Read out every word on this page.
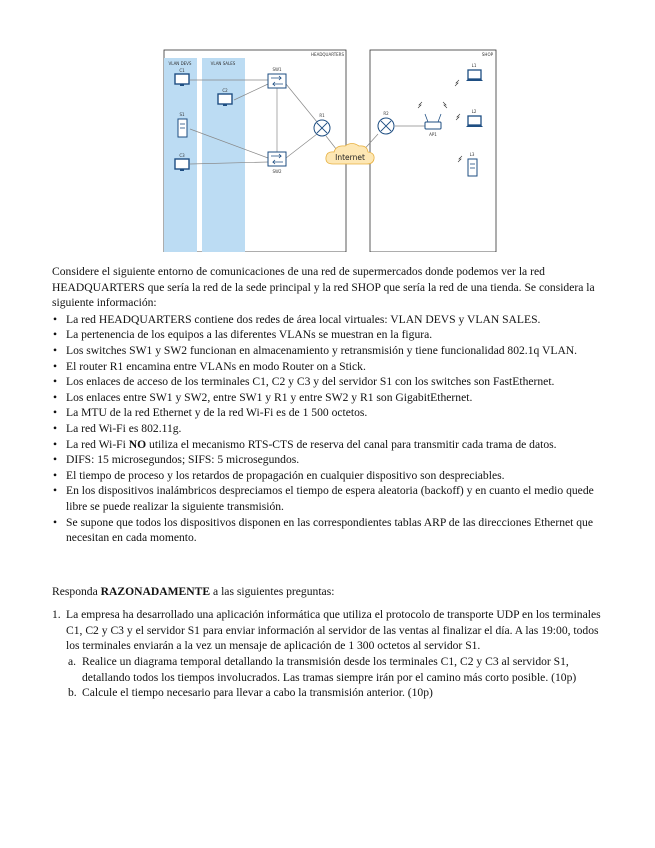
HEADQUARTERS	SHOP
VLAN DEVS	VLAN SALES
Internet
SW1
SW2
R1	R2
AP1
C1
C2
C3
S1
L1
L2
L3

Considere el siguiente entorno de comunicaciones de una red de supermercados donde podemos ver la red HEADQUARTERS que sería la red de la sede principal y la red SHOP que sería la red de una tienda. Se considera la siguiente información:

• La red HEADQUARTERS contiene dos redes de área local virtuales: VLAN DEVS y VLAN SALES.
• La pertenencia de los equipos a las diferentes VLANs se muestran en la figura.
• Los switches SW1 y SW2 funcionan en almacenamiento y retransmisión y tiene funcionalidad 802.1q VLAN.
• El router R1 encamina entre VLANs en modo Router on a Stick.
• Los enlaces de acceso de los terminales C1, C2 y C3 y del servidor S1 con los switches son FastEthernet.
• Los enlaces entre SW1 y SW2, entre SW1 y R1 y entre SW2 y R1 son GigabitEthernet.
• La MTU de la red Ethernet y de la red Wi-Fi es de 1 500 octetos.
• La red Wi-Fi es 802.11g.
• La red Wi-Fi NO utiliza el mecanismo RTS-CTS de reserva del canal para transmitir cada trama de datos.
• DIFS: 15 microsegundos; SIFS: 5 microsegundos.
• El tiempo de proceso y los retardos de propagación en cualquier dispositivo son despreciables.
• En los dispositivos inalámbricos despreciamos el tiempo de espera aleatoria (backoff) y en cuanto el medio quede libre se puede realizar la siguiente transmisión.
• Se supone que todos los dispositivos disponen en las correspondientes tablas ARP de las direcciones Ethernet que necesitan en cada momento.

Responda RAZONADAMENTE a las siguientes preguntas:

1. La empresa ha desarrollado una aplicación informática que utiliza el protocolo de transporte UDP en los terminales C1, C2 y C3 y el servidor S1 para enviar información al servidor de las ventas al finalizar el día. A las 19:00, todos los terminales enviarán a la vez un mensaje de aplicación de 1 300 octetos al servidor S1.
a. Realice un diagrama temporal detallando la transmisión desde los terminales C1, C2 y C3 al servidor S1, detallando todos los tiempos involucrados. Las tramas siempre irán por el camino más corto posible. (10p)
b. Calcule el tiempo necesario para llevar a cabo la transmisión anterior. (10p)
